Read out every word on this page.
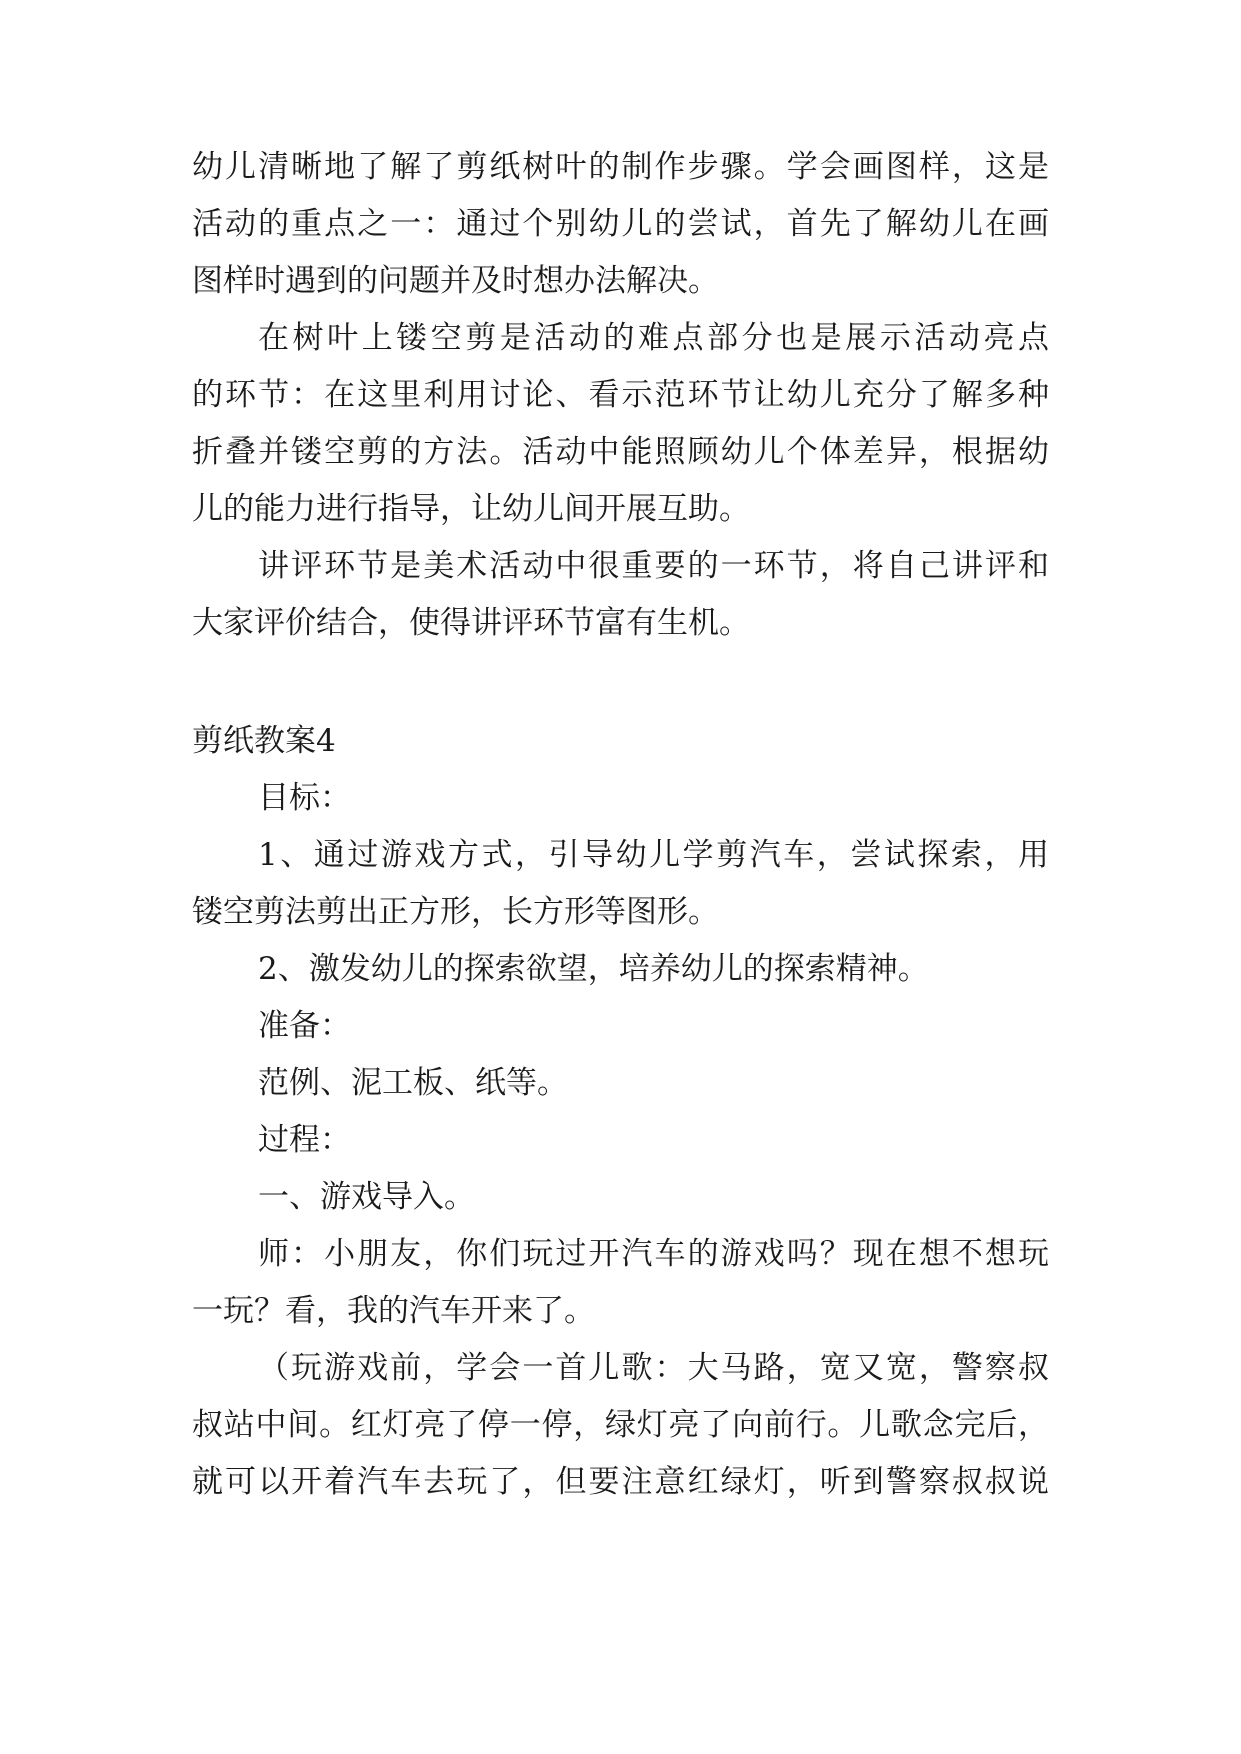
幼儿清晰地了解了剪纸树叶的制作步骤。学会画图样，这是
活动的重点之一：通过个别幼儿的尝试，首先了解幼儿在画
图样时遇到的问题并及时想办法解决。
在树叶上镂空剪是活动的难点部分也是展示活动亮点
的环节：在这里利用讨论、看示范环节让幼儿充分了解多种
折叠并镂空剪的方法。活动中能照顾幼儿个体差异，根据幼
儿的能力进行指导，让幼儿间开展互助。
讲评环节是美术活动中很重要的一环节，将自己讲评和
大家评价结合，使得讲评环节富有生机。
剪纸教案4
目标：
1、通过游戏方式，引导幼儿学剪汽车，尝试探索，用
镂空剪法剪出正方形，长方形等图形。
2、激发幼儿的探索欲望，培养幼儿的探索精神。
准备：
范例、泥工板、纸等。
过程：
一、游戏导入。
师：小朋友，你们玩过开汽车的游戏吗？现在想不想玩
一玩？看，我的汽车开来了。
（玩游戏前，学会一首儿歌：大马路，宽又宽，警察叔
叔站中间。红灯亮了停一停，绿灯亮了向前行。儿歌念完后，
就可以开着汽车去玩了，但要注意红绿灯，听到警察叔叔说
